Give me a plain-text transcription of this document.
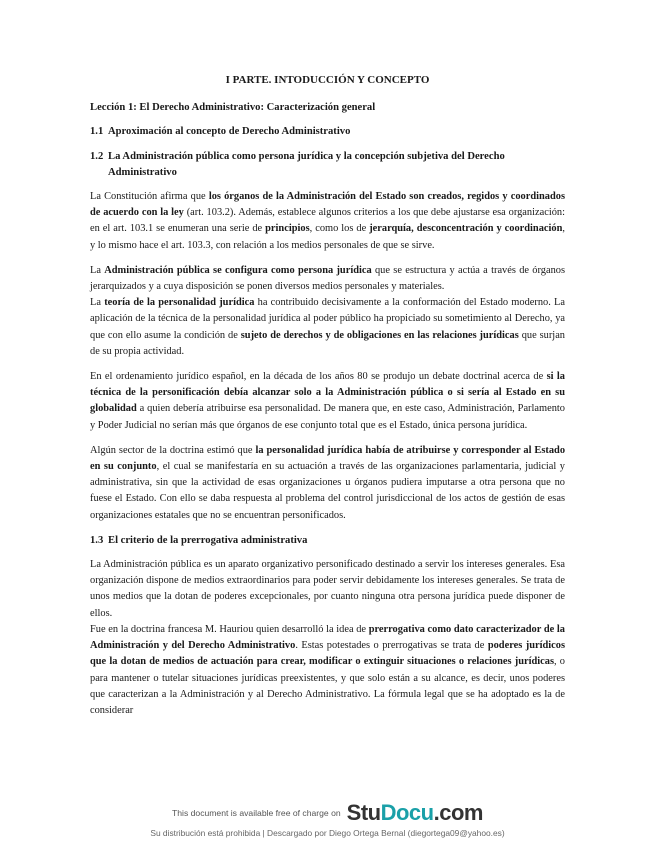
I PARTE. INTODUCCIÓN Y CONCEPTO
Lección 1: El Derecho Administrativo: Caracterización general
1.1 Aproximación al concepto de Derecho Administrativo
1.2 La Administración pública como persona jurídica y la concepción subjetiva del Derecho Administrativo

La Constitución afirma que los órganos de la Administración del Estado son creados, regidos y coordinados de acuerdo con la ley (art. 103.2). Además, establece algunos criterios a los que debe ajustarse esa organización: en el art. 103.1 se enumeran una serie de principios, como los de jerarquía, desconcentración y coordinación, y lo mismo hace el art. 103.3, con relación a los medios personales de que se sirve.

La Administración pública se configura como persona jurídica que se estructura y actúa a través de órganos jerarquizados y a cuya disposición se ponen diversos medios personales y materiales.

La teoría de la personalidad jurídica ha contribuido decisivamente a la conformación del Estado moderno. La aplicación de la técnica de la personalidad jurídica al poder público ha propiciado su sometimiento al Derecho, ya que con ello asume la condición de sujeto de derechos y de obligaciones en las relaciones jurídicas que surjan de su propia actividad.

En el ordenamiento jurídico español, en la década de los años 80 se produjo un debate doctrinal acerca de si la técnica de la personificación debía alcanzar solo a la Administración pública o si sería al Estado en su globalidad a quien debería atribuirse esa personalidad. De manera que, en este caso, Administración, Parlamento y Poder Judicial no serían más que órganos de ese conjunto total que es el Estado, única persona jurídica.

Algún sector de la doctrina estimó que la personalidad jurídica había de atribuirse y corresponder al Estado en su conjunto, el cual se manifestaría en su actuación a través de las organizaciones parlamentaria, judicial y administrativa, sin que la actividad de esas organizaciones u órganos pudiera imputarse a otra persona que no fuese el Estado. Con ello se daba respuesta al problema del control jurisdiccional de los actos de gestión de esas organizaciones estatales que no se encuentran personificados.

1.3 El criterio de la prerrogativa administrativa

La Administración pública es un aparato organizativo personificado destinado a servir los intereses generales. Esa organización dispone de medios extraordinarios para poder servir debidamente los intereses generales. Se trata de unos medios que la dotan de poderes excepcionales, por cuanto ninguna otra persona jurídica puede disponer de ellos.

Fue en la doctrina francesa M. Hauriou quien desarrolló la idea de prerrogativa como dato caracterizador de la Administración y del Derecho Administrativo. Estas potestades o prerrogativas se trata de poderes jurídicos que la dotan de medios de actuación para crear, modificar o extinguir situaciones o relaciones jurídicas, o para mantener o tutelar situaciones jurídicas preexistentes, y que solo están a su alcance, es decir, unos poderes que caracterizan a la Administración y al Derecho Administrativo. La fórmula legal que se ha adoptado es la de considerar

This document is available free of charge on StuDocu.com
Su distribución está prohibida | Descargado por Diego Ortega Bernal (diegortega09@yahoo.es)
